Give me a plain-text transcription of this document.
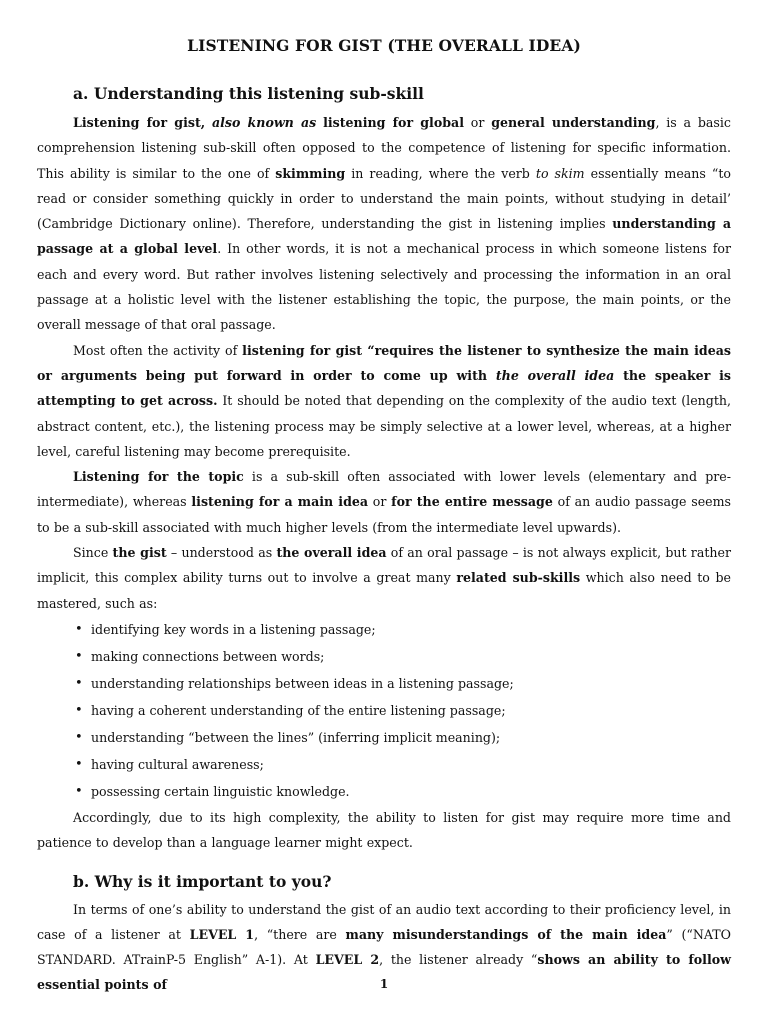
LISTENING FOR GIST (THE OVERALL IDEA)
a. Understanding this listening sub-skill

Listening for gist, also known as listening for global or general understanding, is a basic comprehension listening sub-skill often opposed to the competence of listening for specific information. This ability is similar to the one of skimming in reading, where the verb to skim essentially means “to read or consider something quickly in order to understand the main points, without studying in detail’ (Cambridge Dictionary online). Therefore, understanding the gist in listening implies understanding a passage at a global level. In other words, it is not a mechanical process in which someone listens for each and every word. But rather involves listening selectively and processing the information in an oral passage at a holistic level with the listener establishing the topic, the purpose, the main points, or the overall message of that oral passage.

Most often the activity of listening for gist “requires the listener to synthesize the main ideas or arguments being put forward in order to come up with the overall idea the speaker is attempting to get across. It should be noted that depending on the complexity of the audio text (length, abstract content, etc.), the listening process may be simply selective at a lower level, whereas, at a higher level, careful listening may become prerequisite.

Listening for the topic is a sub-skill often associated with lower levels (elementary and pre-intermediate), whereas listening for a main idea or for the entire message of an audio passage seems to be a sub-skill associated with much higher levels (from the intermediate level upwards).

Since the gist – understood as the overall idea of an oral passage – is not always explicit, but rather implicit, this complex ability turns out to involve a great many related sub-skills which also need to be mastered, such as:

• identifying key words in a listening passage;
• making connections between words;
• understanding relationships between ideas in a listening passage;
• having a coherent understanding of the entire listening passage;
• understanding “between the lines” (inferring implicit meaning);
• having cultural awareness;
• possessing certain linguistic knowledge.

Accordingly, due to its high complexity, the ability to listen for gist may require more time and patience to develop than a language learner might expect.

b. Why is it important to you?

In terms of one’s ability to understand the gist of an audio text according to their proficiency level, in case of a listener at LEVEL 1, “there are many misunderstandings of the main idea” (“NATO STANDARD. ATrainP-5 English” A-1). At LEVEL 2, the listener already “shows an ability to follow essential points of	1
